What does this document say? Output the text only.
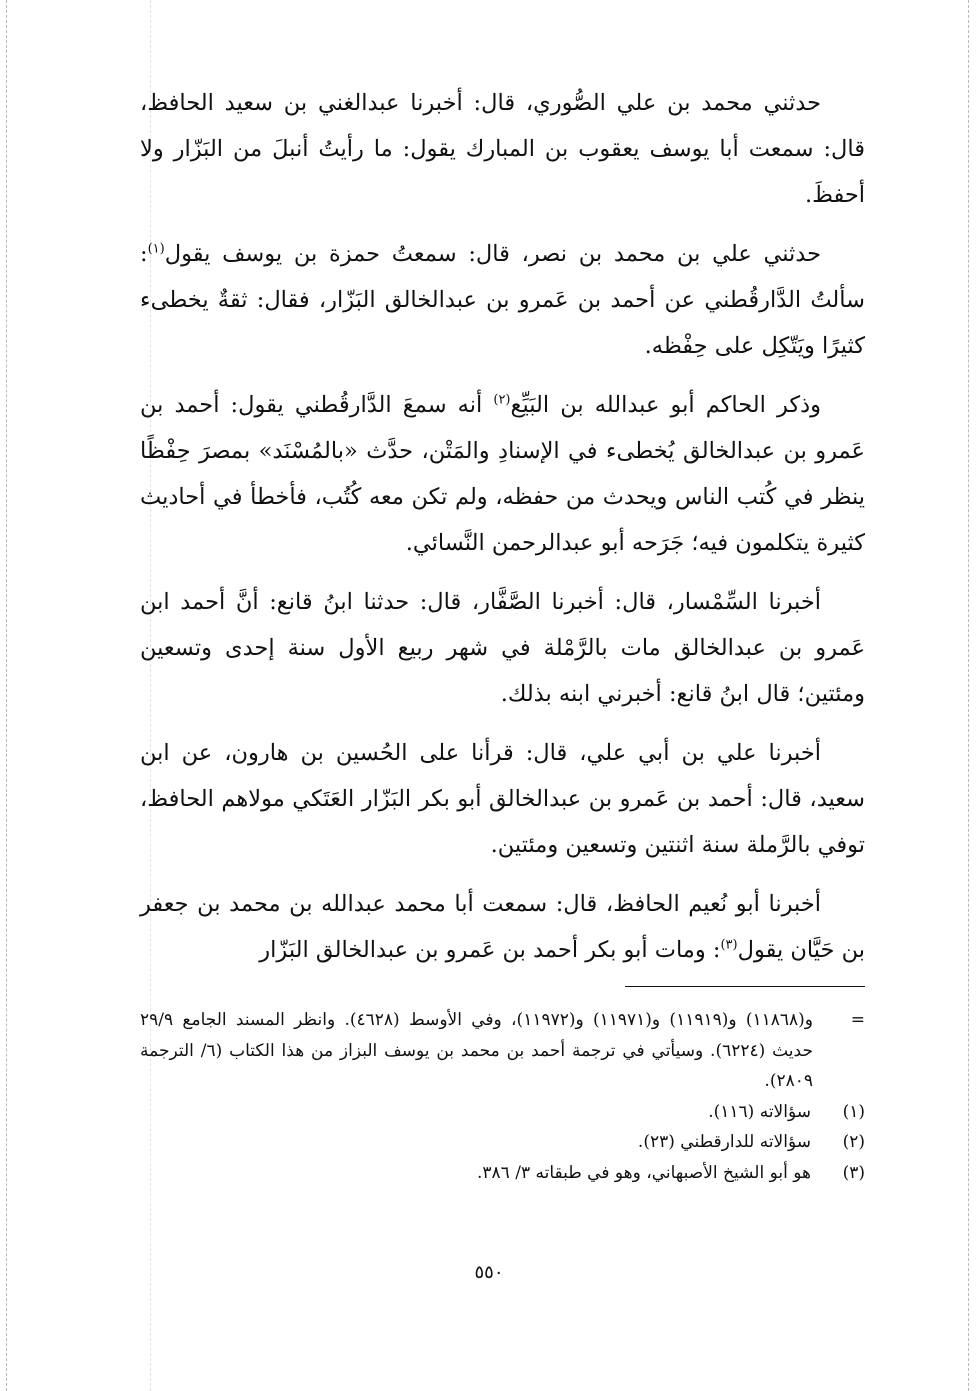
حدثني محمد بن علي الصُّوري، قال: أخبرنا عبدالغني بن سعيد الحافظ، قال: سمعت أبا يوسف يعقوب بن المبارك يقول: ما رأيتُ أنبلَ من البَزّار ولا أحفظَ.

حدثني علي بن محمد بن نصر، قال: سمعتُ حمزة بن يوسف يقول$^{(١)}$: سألتُ الدَّارقُطني عن أحمد بن عَمرو بن عبدالخالق البَزّار، فقال: ثقةٌ يخطىء كثيرًا ويَتّكِل على حِفْظه.

وذكر الحاكم أبو عبدالله بن البَيِّع$^{(٢)}$ أنه سمعَ الدَّارقُطني يقول: أحمد بن عَمرو بن عبدالخالق يُخطىء في الإسنادِ والمَتْن، حدَّث «بالمُسْنَد» بمصرَ حِفْظًا ينظر في كُتب الناس ويحدث من حفظه، ولم تكن معه كُتُب، فأخطأ في أحاديث كثيرة يتكلمون فيه؛ جَرَحه أبو عبدالرحمن النَّسائي.

أخبرنا السِّمْسار، قال: أخبرنا الصَّفَّار، قال: حدثنا ابنُ قانع: أنَّ أحمد ابن عَمرو بن عبدالخالق مات بالرَّمْلة في شهر ربيع الأول سنة إحدى وتسعين ومئتين؛ قال ابنُ قانع: أخبرني ابنه بذلك.

أخبرنا علي بن أبي علي، قال: قرأنا على الحُسين بن هارون، عن ابن سعيد، قال: أحمد بن عَمرو بن عبدالخالق أبو بكر البَزّار العَتَكي مولاهم الحافظ، توفي بالرَّملة سنة اثنتين وتسعين ومئتين.

أخبرنا أبو نُعيم الحافظ، قال: سمعت أبا محمد عبدالله بن محمد بن جعفر بن حَيَّان يقول$^{(٣)}$: ومات أبو بكر أحمد بن عَمرو بن عبدالخالق البَزّار

=
و(١١٨٦٨) و(١١٩١٩) و(١١٩٧١) و(١١٩٧٢)، وفي الأوسط (٤٦٢٨). وانظر المسند الجامع ٢٩/٩ حديث (٦٢٢٤). وسيأتي في ترجمة أحمد بن محمد بن يوسف البزاز من هذا الكتاب (٦/ الترجمة ٢٨٠٩).
(١)
سؤالاته (١١٦).
(٢)
سؤالاته للدارقطني (٢٣).
(٣)
هو أبو الشيخ الأصبهاني، وهو في طبقاته ٣/ ٣٨٦.
٥٥٠
